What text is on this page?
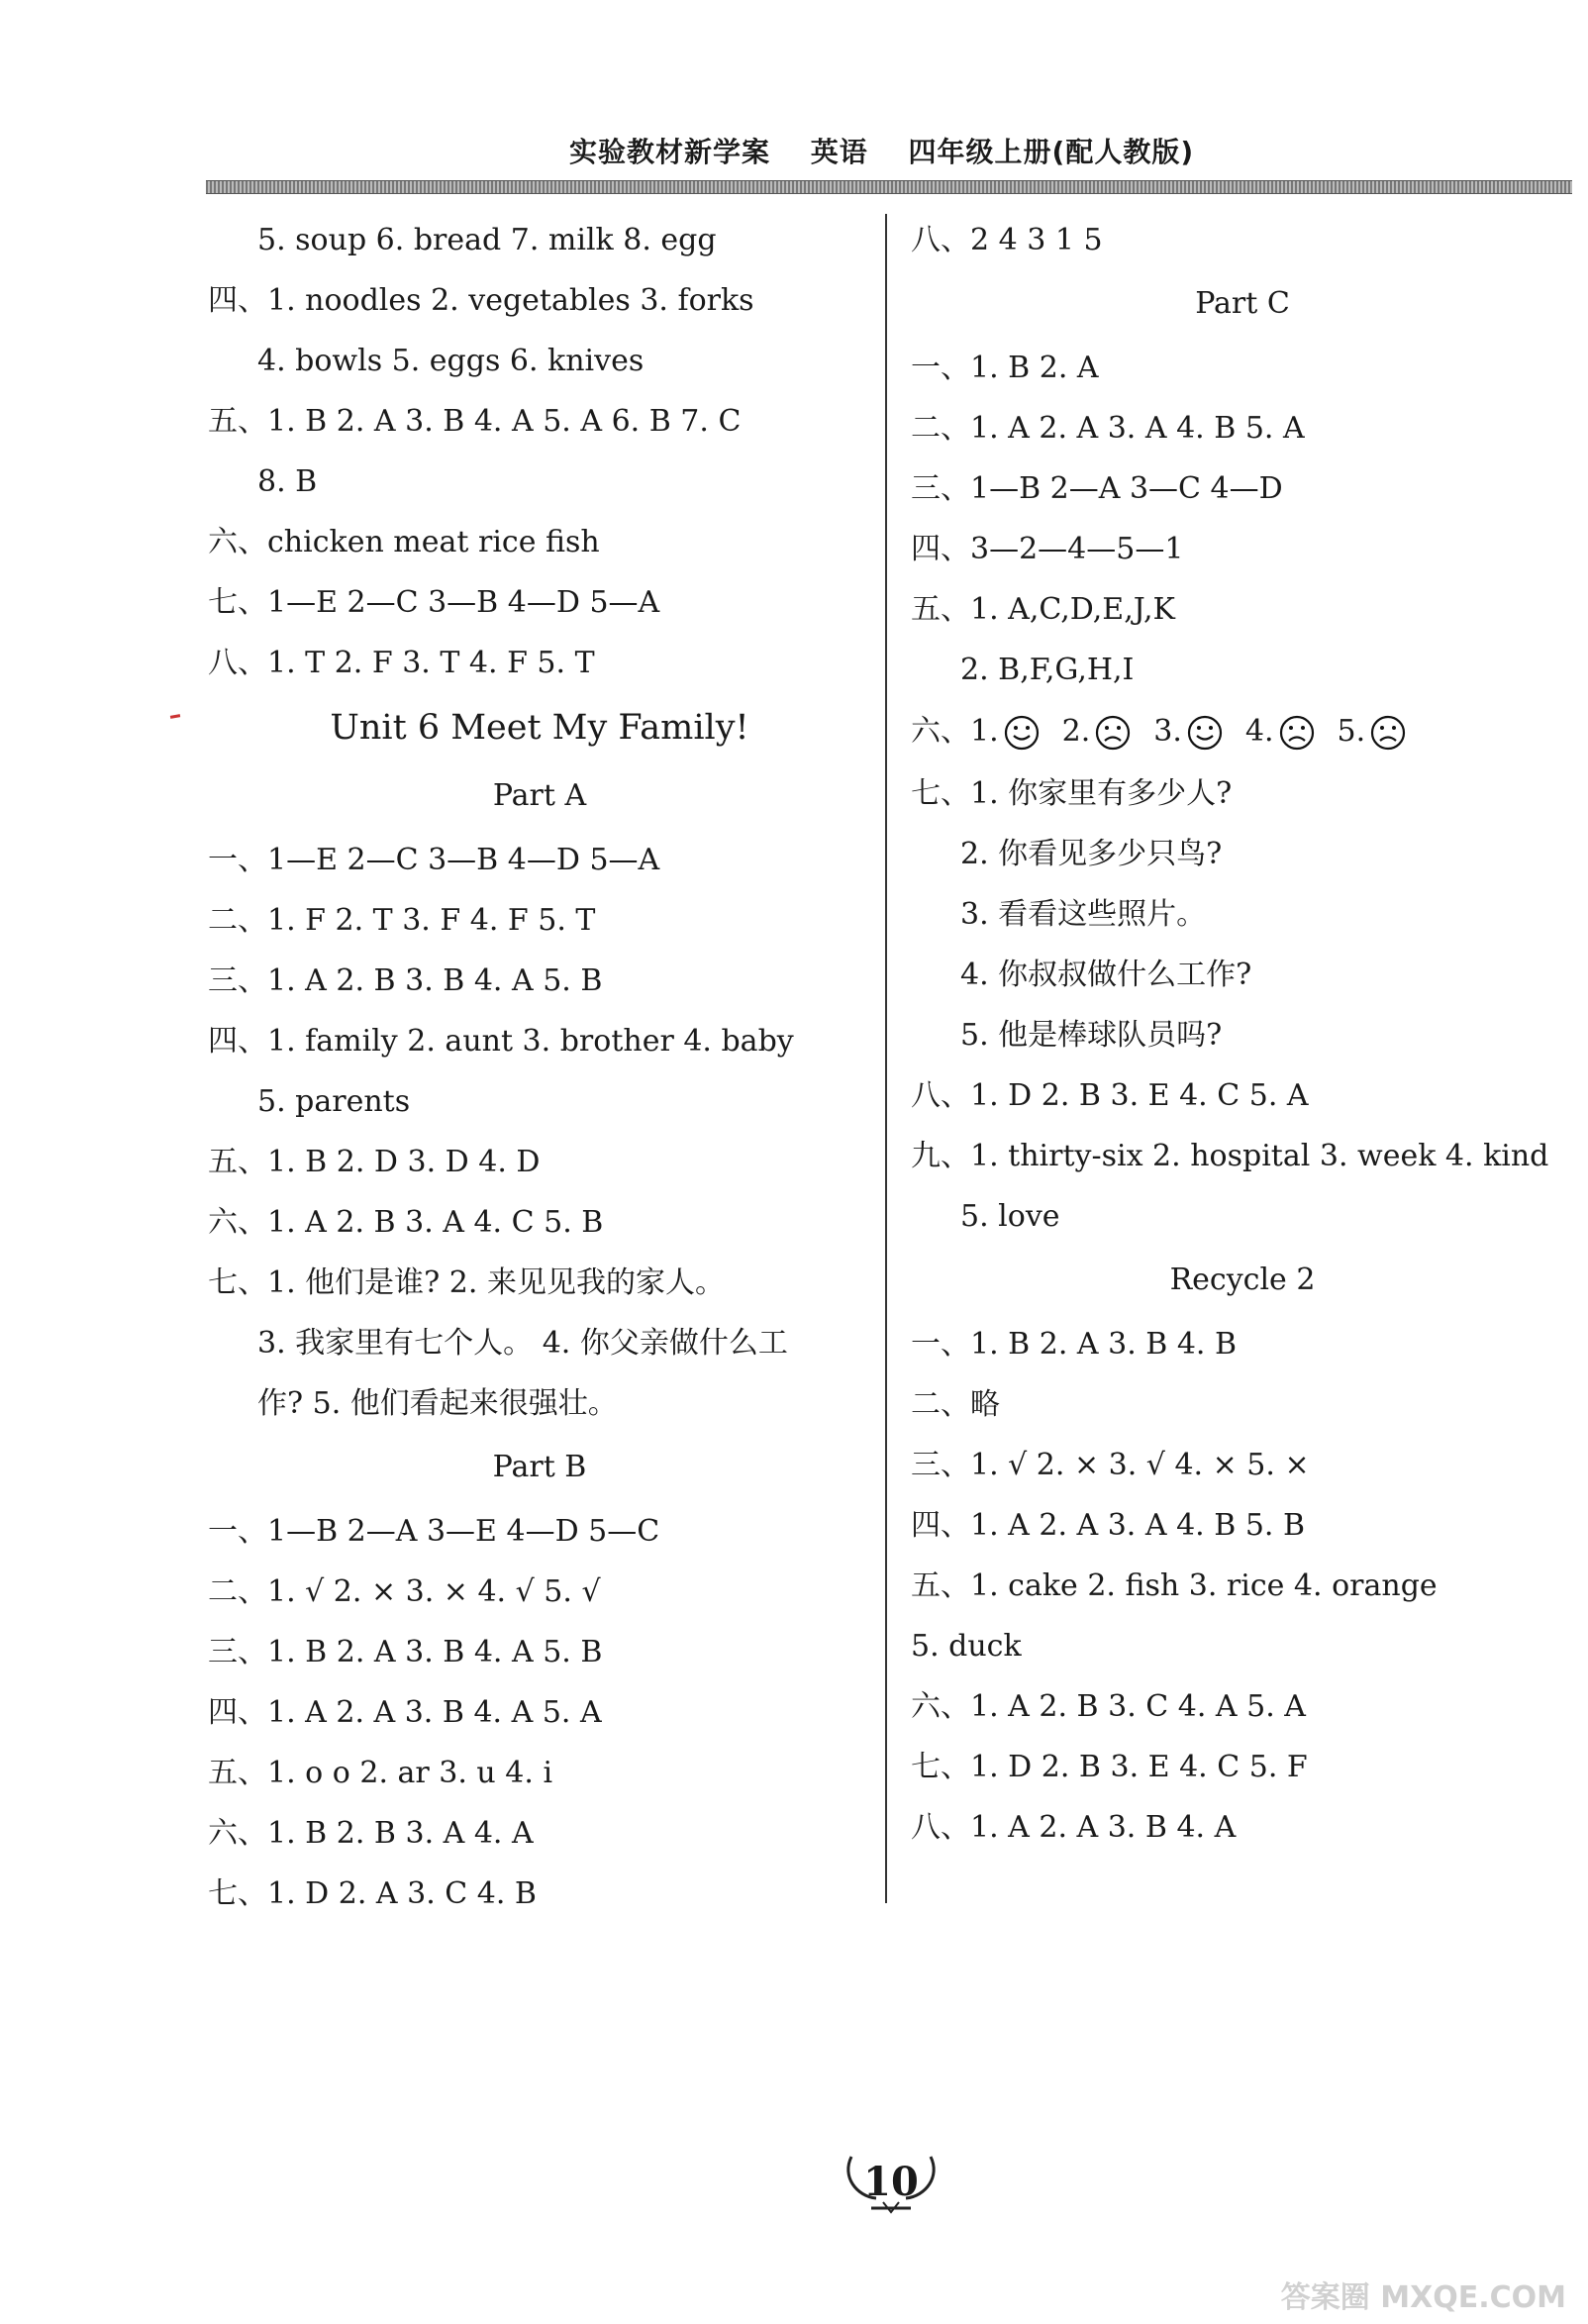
实验教材新学案 英语 四年级上册(配人教版)
5. soup 6. bread 7. milk 8. egg
四、1. noodles 2. vegetables 3. forks
4. bowls 5. eggs 6. knives
五、1. B 2. A 3. B 4. A 5. A 6. B 7. C
8. B
六、chicken meat rice fish
七、1—E 2—C 3—B 4—D 5—A
八、1. T 2. F 3. T 4. F 5. T
Unit 6 Meet My Family!
Part A
一、1—E 2—C 3—B 4—D 5—A
二、1. F 2. T 3. F 4. F 5. T
三、1. A 2. B 3. B 4. A 5. B
四、1. family 2. aunt 3. brother 4. baby
5. parents
五、1. B 2. D 3. D 4. D
六、1. A 2. B 3. A 4. C 5. B
七、1. 他们是谁? 2. 来见见我的家人。
3. 我家里有七个人。 4. 你父亲做什么工
作? 5. 他们看起来很强壮。
Part B
一、1—B 2—A 3—E 4—D 5—C
二、1. √ 2. × 3. × 4. √ 5. √
三、1. B 2. A 3. B 4. A 5. B
四、1. A 2. A 3. B 4. A 5. A
五、1. o o 2. ar 3. u 4. i
六、1. B 2. B 3. A 4. A
七、1. D 2. A 3. C 4. B
八、2 4 3 1 5
Part C
一、1. B 2. A
二、1. A 2. A 3. A 4. B 5. A
三、1—B 2—A 3—C 4—D
四、3—2—4—5—1
五、1. A,C,D,E,J,K
2. B,F,G,H,I
六、1. 2. 3. 4. 5.
七、1. 你家里有多少人?
2. 你看见多少只鸟?
3. 看看这些照片。
4. 你叔叔做什么工作?
5. 他是棒球队员吗?
八、1. D 2. B 3. E 4. C 5. A
九、1. thirty-six 2. hospital 3. week 4. kind
5. love
Recycle 2
一、1. B 2. A 3. B 4. B
二、略
三、1. √ 2. × 3. √ 4. × 5. ×
四、1. A 2. A 3. A 4. B 5. B
五、1. cake 2. fish 3. rice 4. orange
5. duck
六、1. A 2. B 3. C 4. A 5. A
七、1. D 2. B 3. E 4. C 5. F
八、1. A 2. A 3. B 4. A
10
答案圈 MXQE.COM
